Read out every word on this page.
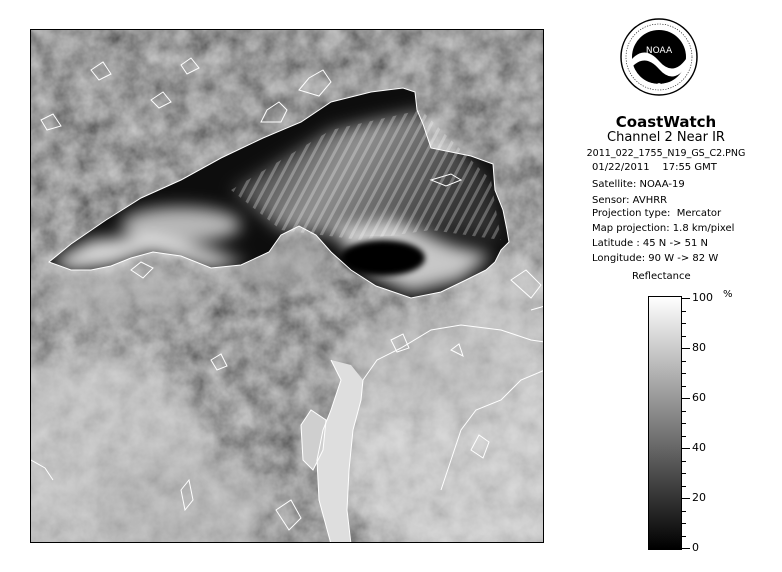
NOAA
CoastWatch
Channel 2 Near IR
2011_022_1755_N19_GS_C2.PNG
01/22/2011    17:55 GMT
Satellite: NOAA-19
Sensor: AVHRR
Projection type:  Mercator
Map projection: 1.8 km/pixel
Latitude : 45 N -> 51 N
Longitude: 90 W -> 82 W
Reflectance
%
100
80
60
40
20
0
